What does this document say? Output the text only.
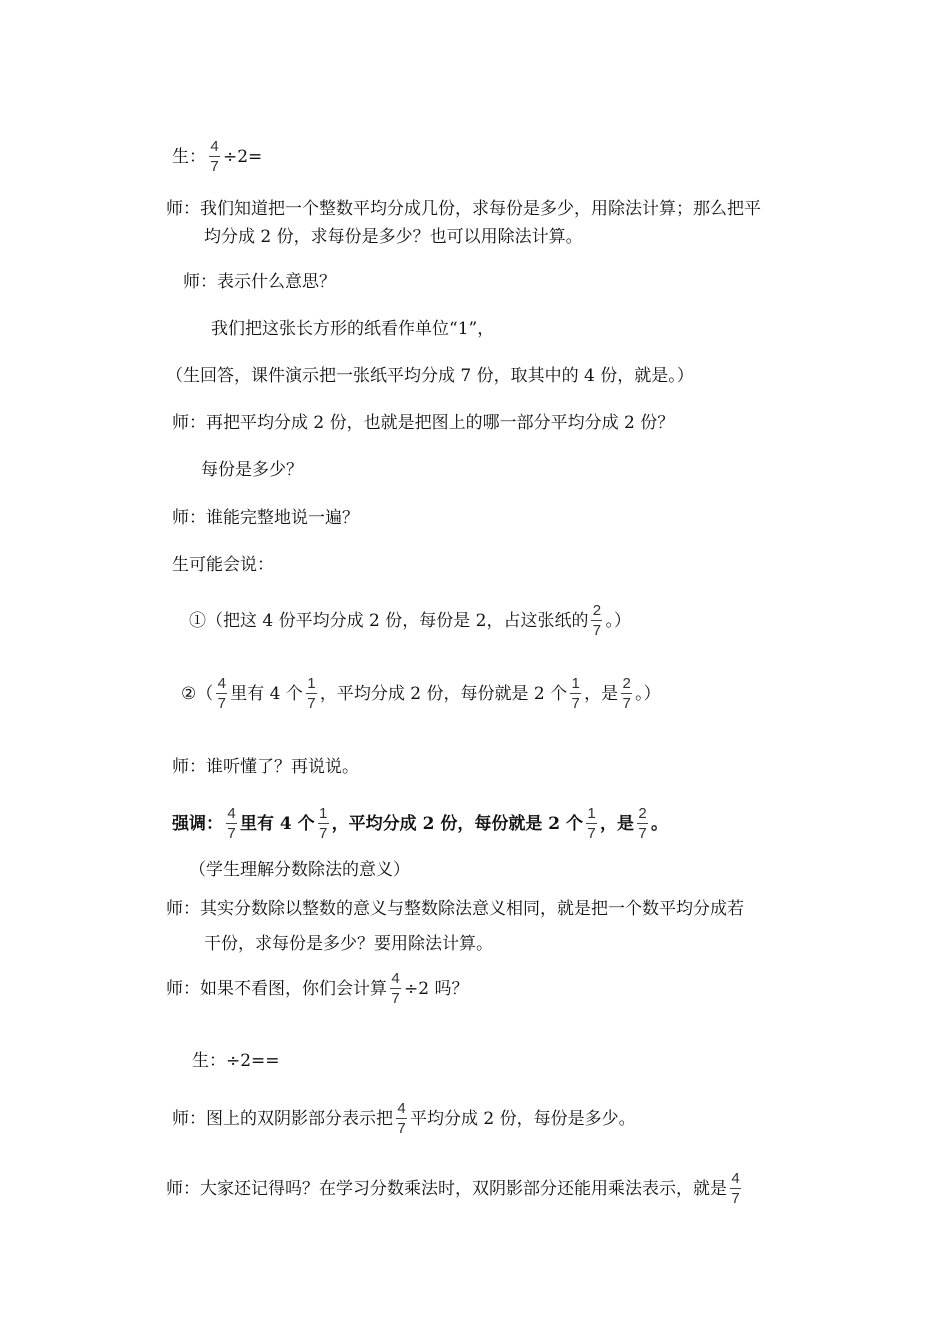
生： $\frac{4}{7} \div 2=$
师：我们知道把一个整数平均分成几份，求每份是多少，用除法计算；那么把平
均分成 2 份，求每份是多少？也可以用除法计算。
师：表示什么意思？
我们把这张长方形的纸看作单位“1”，
（生回答，课件演示把一张纸平均分成 7 份，取其中的 4 份，就是。）
师：再把平均分成 2 份，也就是把图上的哪一部分平均分成 2 份？
每份是多少？
师：谁能完整地说一遍？
生可能会说：
①（把这 4 份平均分成 2 份，每份是 2，占这张纸的 $\frac{2}{7}$ 。）
②（ $\frac{4}{7}$ 里有 4 个 $\frac{1}{7}$ ，平均分成 2 份，每份就是 2 个 $\frac{1}{7}$ ，是 $\frac{2}{7}$ 。）
师：谁听懂了？再说说。
强调： $\frac{4}{7}$ 里有 4 个 $\frac{1}{7}$ ，平均分成 2 份，每份就是 2 个 $\frac{1}{7}$ ，是 $\frac{2}{7}$ 。
（学生理解分数除法的意义）
师：其实分数除以整数的意义与整数除法意义相同，就是把一个数平均分成若
干份，求每份是多少？要用除法计算。
师：如果不看图，你们会计算 $\frac{4}{7} \div 2$ 吗？
生：÷2==
师：图上的双阴影部分表示把 $\frac{4}{7}$ 平均分成 2 份，每份是多少。
师：大家还记得吗？在学习分数乘法时，双阴影部分还能用乘法表示，就是 $\frac{4}{7}$
